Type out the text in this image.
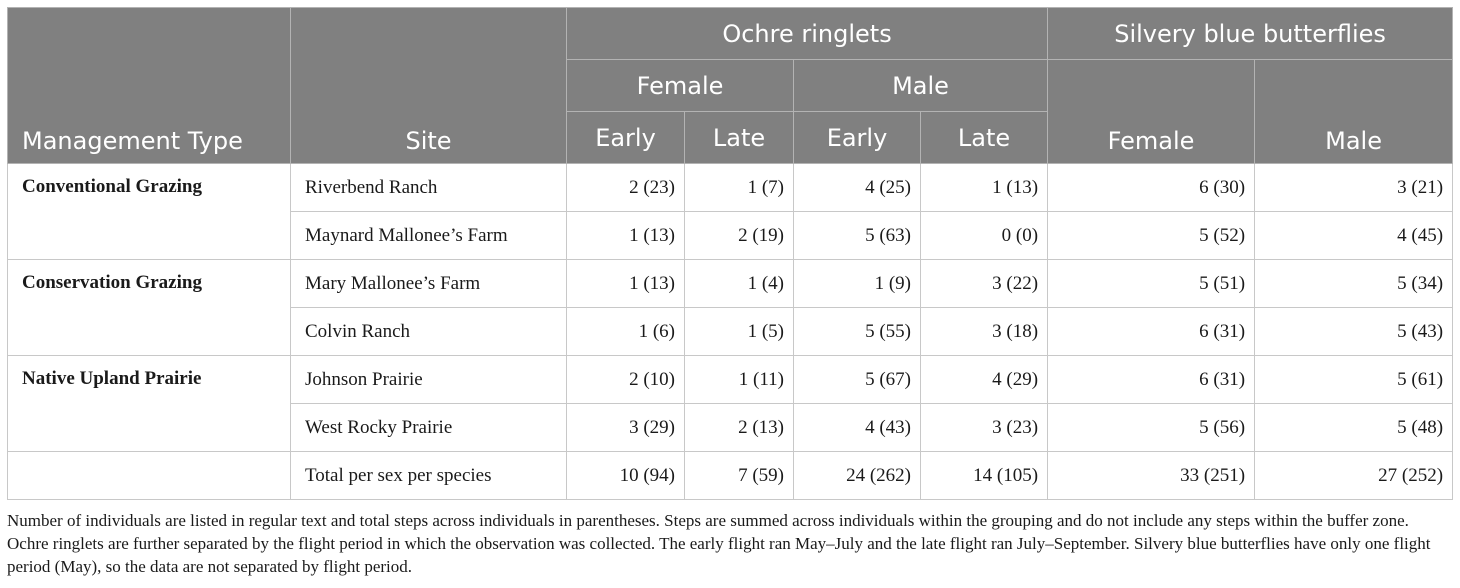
Management Type	Site	Ochre ringlets				Silvery blue butterflies	
		Female		Male		Female	Male
		Early	Late	Early	Late		
Conventional Grazing	Riverbend Ranch	2 (23)	1 (7)	4 (25)	1 (13)	6 (30)	3 (21)
	Maynard Mallonee’s Farm	1 (13)	2 (19)	5 (63)	0 (0)	5 (52)	4 (45)
Conservation Grazing	Mary Mallonee’s Farm	1 (13)	1 (4)	1 (9)	3 (22)	5 (51)	5 (34)
	Colvin Ranch	1 (6)	1 (5)	5 (55)	3 (18)	6 (31)	5 (43)
Native Upland Prairie	Johnson Prairie	2 (10)	1 (11)	5 (67)	4 (29)	6 (31)	5 (61)
	West Rocky Prairie	3 (29)	2 (13)	4 (43)	3 (23)	5 (56)	5 (48)
	Total per sex per species	10 (94)	7 (59)	24 (262)	14 (105)	33 (251)	27 (252)
Number of individuals are listed in regular text and total steps across individuals in parentheses. Steps are summed across individuals within the grouping and do not include any steps within the buffer zone. Ochre ringlets are further separated by the flight period in which the observation was collected. The early flight ran May–July and the late flight ran July–September. Silvery blue butterflies have only one flight period (May), so the data are not separated by flight period.
